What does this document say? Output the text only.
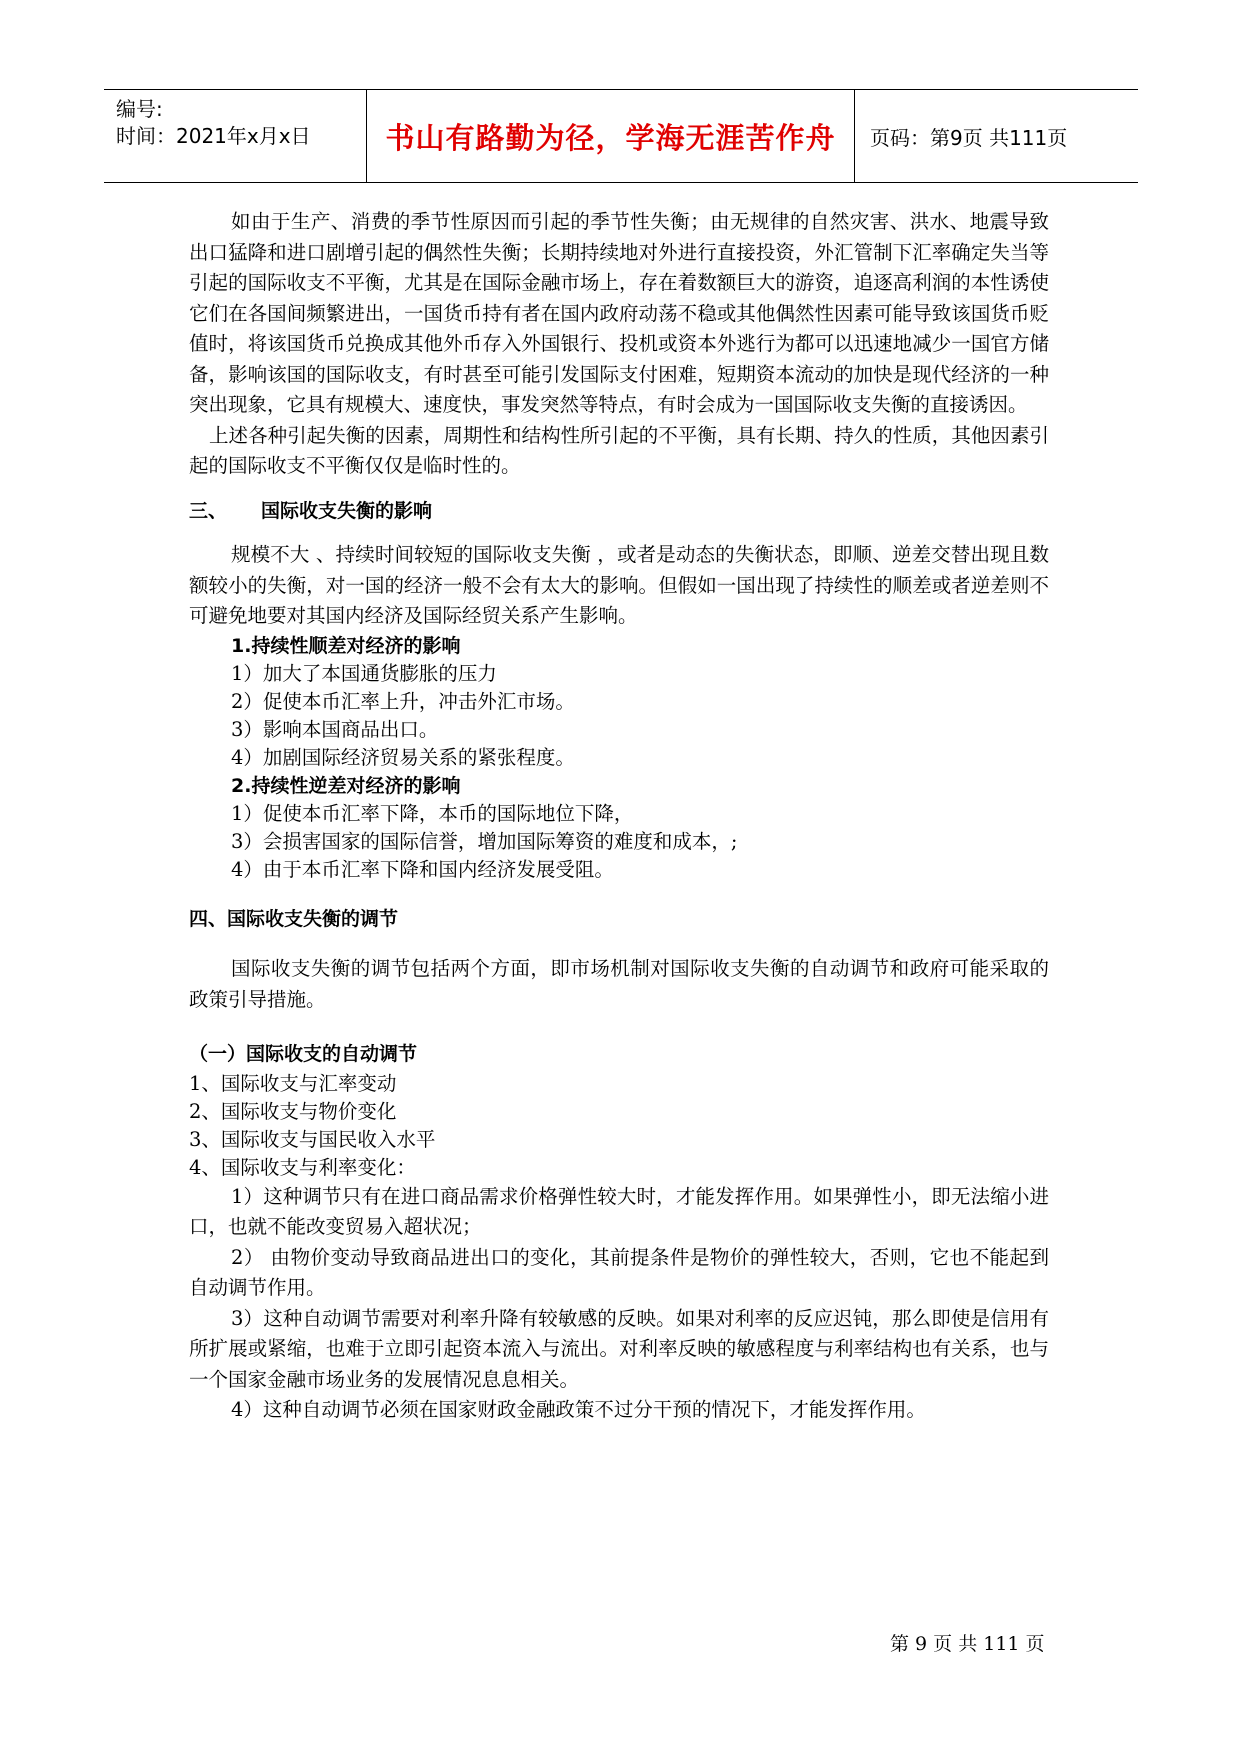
编号:
时间：2021年x月x日	书山有路勤为径，学海无涯苦作舟	页码：第9页 共111页

如由于生产、消费的季节性原因而引起的季节性失衡；由无规律的自然灾害、洪水、地震导致出口猛降和进口剧增引起的偶然性失衡；长期持续地对外进行直接投资，外汇管制下汇率确定失当等引起的国际收支不平衡，尤其是在国际金融市场上，存在着数额巨大的游资，追逐高利润的本性诱使它们在各国间频繁进出，一国货币持有者在国内政府动荡不稳或其他偶然性因素可能导致该国货币贬值时，将该国货币兑换成其他外币存入外国银行、投机或资本外逃行为都可以迅速地减少一国官方储备，影响该国的国际收支，有时甚至可能引发国际支付困难，短期资本流动的加快是现代经济的一种突出现象，它具有规模大、速度快，事发突然等特点，有时会成为一国国际收支失衡的直接诱因。

上述各种引起失衡的因素，周期性和结构性所引起的不平衡，具有长期、持久的性质，其他因素引起的国际收支不平衡仅仅是临时性的。

三、 国际收支失衡的影响

规模不大 、持续时间较短的国际收支失衡 ，或者是动态的失衡状态，即顺、逆差交替出现且数额较小的失衡，对一国的经济一般不会有太大的影响。但假如一国出现了持续性的顺差或者逆差则不可避免地要对其国内经济及国际经贸关系产生影响。

1.持续性顺差对经济的影响

1）加大了本国通货膨胀的压力

2）促使本币汇率上升，冲击外汇市场。

3）影响本国商品出口。

4）加剧国际经济贸易关系的紧张程度。

2.持续性逆差对经济的影响

1）促使本币汇率下降，本币的国际地位下降，

3）会损害国家的国际信誉，增加国际筹资的难度和成本，;

4）由于本币汇率下降和国内经济发展受阻。

四、国际收支失衡的调节

国际收支失衡的调节包括两个方面，即市场机制对国际收支失衡的自动调节和政府可能采取的政策引导措施。

（一）国际收支的自动调节

1、国际收支与汇率变动

2、国际收支与物价变化

3、国际收支与国民收入水平

4、国际收支与利率变化：

1）这种调节只有在进口商品需求价格弹性较大时，才能发挥作用。如果弹性小，即无法缩小进口，也就不能改变贸易入超状况；

2） 由物价变动导致商品进出口的变化，其前提条件是物价的弹性较大，否则，它也不能起到自动调节作用。

3）这种自动调节需要对利率升降有较敏感的反映。如果对利率的反应迟钝，那么即使是信用有所扩展或紧缩，也难于立即引起资本流入与流出。对利率反映的敏感程度与利率结构也有关系，也与一个国家金融市场业务的发展情况息息相关。

4）这种自动调节必须在国家财政金融政策不过分干预的情况下，才能发挥作用。

第 9 页 共 111 页
